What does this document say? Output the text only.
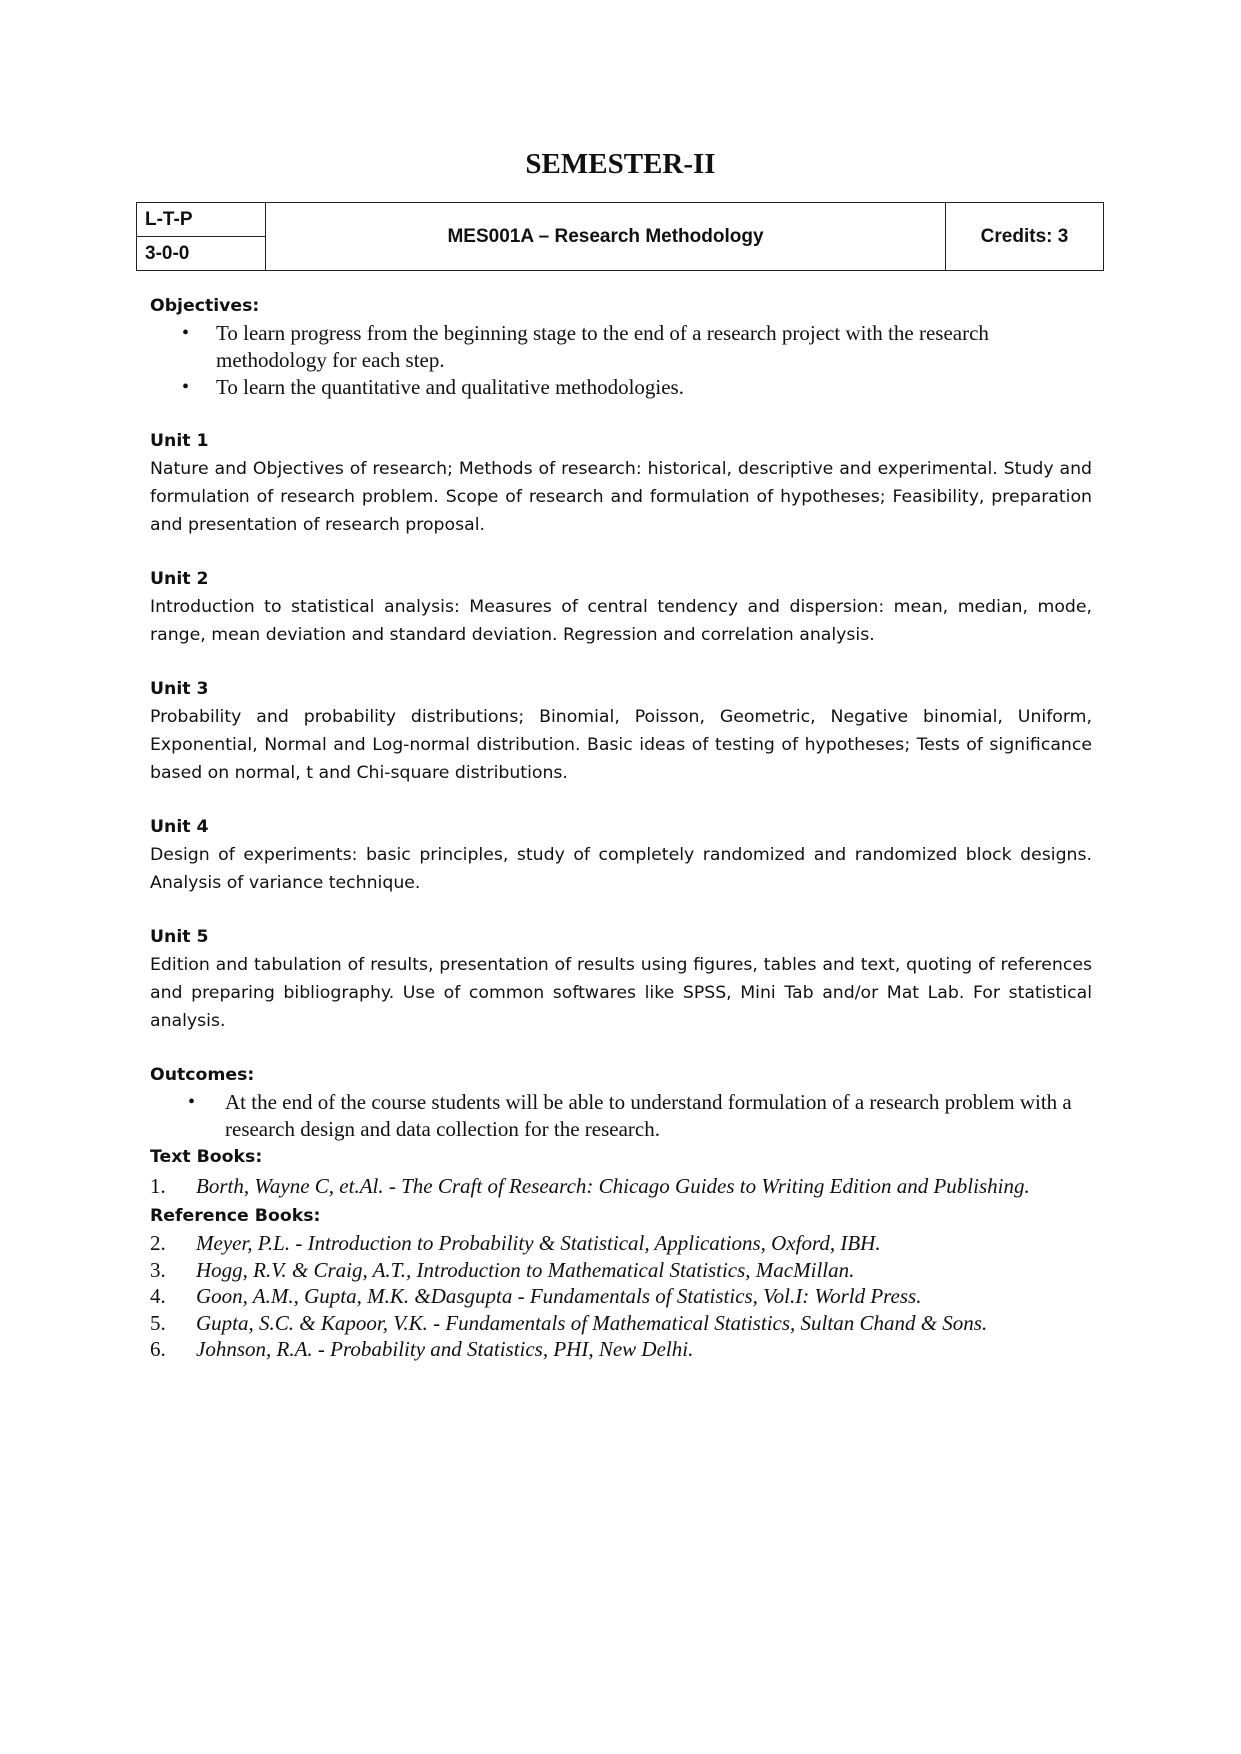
SEMESTER-II
L-T-P	MES001A – Research Methodology	Credits: 3
3-0-0

Objectives:

• To learn progress from the beginning stage to the end of a research project with the research methodology for each step.
• To learn the quantitative and qualitative methodologies.

Unit 1

Nature and Objectives of research; Methods of research: historical, descriptive and experimental. Study and formulation of research problem. Scope of research and formulation of hypotheses; Feasibility, preparation and presentation of research proposal.

Unit 2

Introduction to statistical analysis: Measures of central tendency and dispersion: mean, median, mode, range, mean deviation and standard deviation. Regression and correlation analysis.

Unit 3

Probability and probability distributions; Binomial, Poisson, Geometric, Negative binomial, Uniform, Exponential, Normal and Log-normal distribution. Basic ideas of testing of hypotheses; Tests of significance based on normal, t and Chi-square distributions.

Unit 4

Design of experiments: basic principles, study of completely randomized and randomized block designs. Analysis of variance technique.

Unit 5

Edition and tabulation of results, presentation of results using figures, tables and text, quoting of references and preparing bibliography. Use of common softwares like SPSS, Mini Tab and/or Mat Lab. For statistical analysis.

Outcomes:

• At the end of the course students will be able to understand formulation of a research problem with a research design and data collection for the research.

Text Books:

1. Borth, Wayne C, et.Al. - The Craft of Research: Chicago Guides to Writing Edition and Publishing.

Reference Books:

2. Meyer, P.L. - Introduction to Probability & Statistical, Applications, Oxford, IBH.
3. Hogg, R.V. & Craig, A.T., Introduction to Mathematical Statistics, MacMillan.
4. Goon, A.M., Gupta, M.K. &Dasgupta - Fundamentals of Statistics, Vol.I: World Press.
5. Gupta, S.C. & Kapoor, V.K. - Fundamentals of Mathematical Statistics, Sultan Chand & Sons.
6. Johnson, R.A. - Probability and Statistics, PHI, New Delhi.
